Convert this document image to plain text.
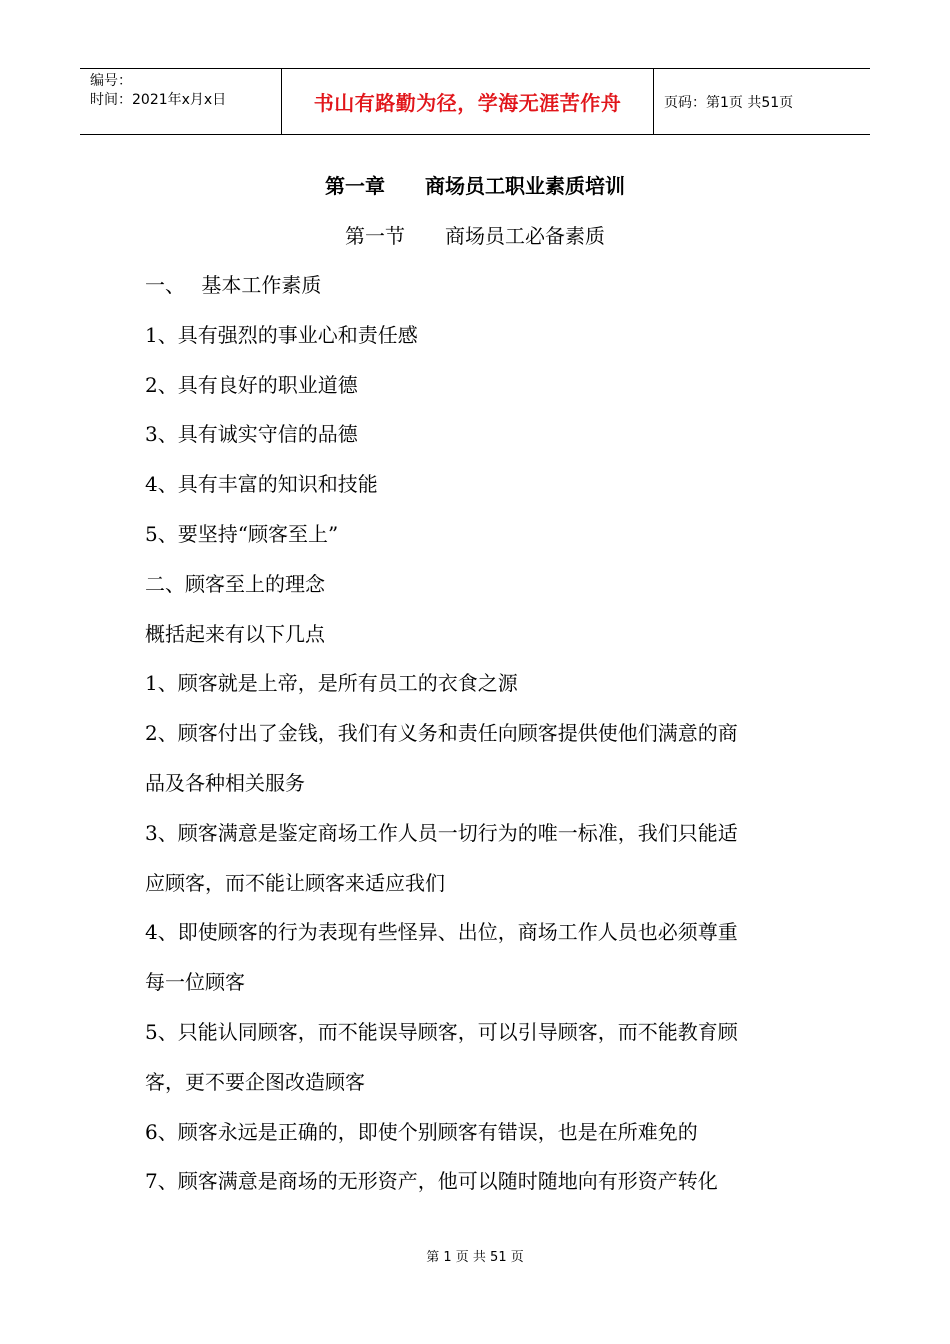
编号：
时间：2021年x月x日	书山有路勤为径，学海无涯苦作舟	页码：第1页 共51页
第一章　　商场员工职业素质培训
第一节　　商场员工必备素质
一、　 基本工作素质
1、具有强烈的事业心和责任感
2、具有良好的职业道德
3、具有诚实守信的品德
4、具有丰富的知识和技能
5、要坚持“顾客至上”
二、顾客至上的理念
概括起来有以下几点
1、顾客就是上帝，是所有员工的衣食之源
2、顾客付出了金钱，我们有义务和责任向顾客提供使他们满意的商
品及各种相关服务
3、顾客满意是鉴定商场工作人员一切行为的唯一标准，我们只能适
应顾客，而不能让顾客来适应我们
4、即使顾客的行为表现有些怪异、出位，商场工作人员也必须尊重
每一位顾客
5、只能认同顾客，而不能误导顾客，可以引导顾客，而不能教育顾
客，更不要企图改造顾客
6、顾客永远是正确的，即使个别顾客有错误，也是在所难免的
7、顾客满意是商场的无形资产，他可以随时随地向有形资产转化
第 1 页 共 51 页
